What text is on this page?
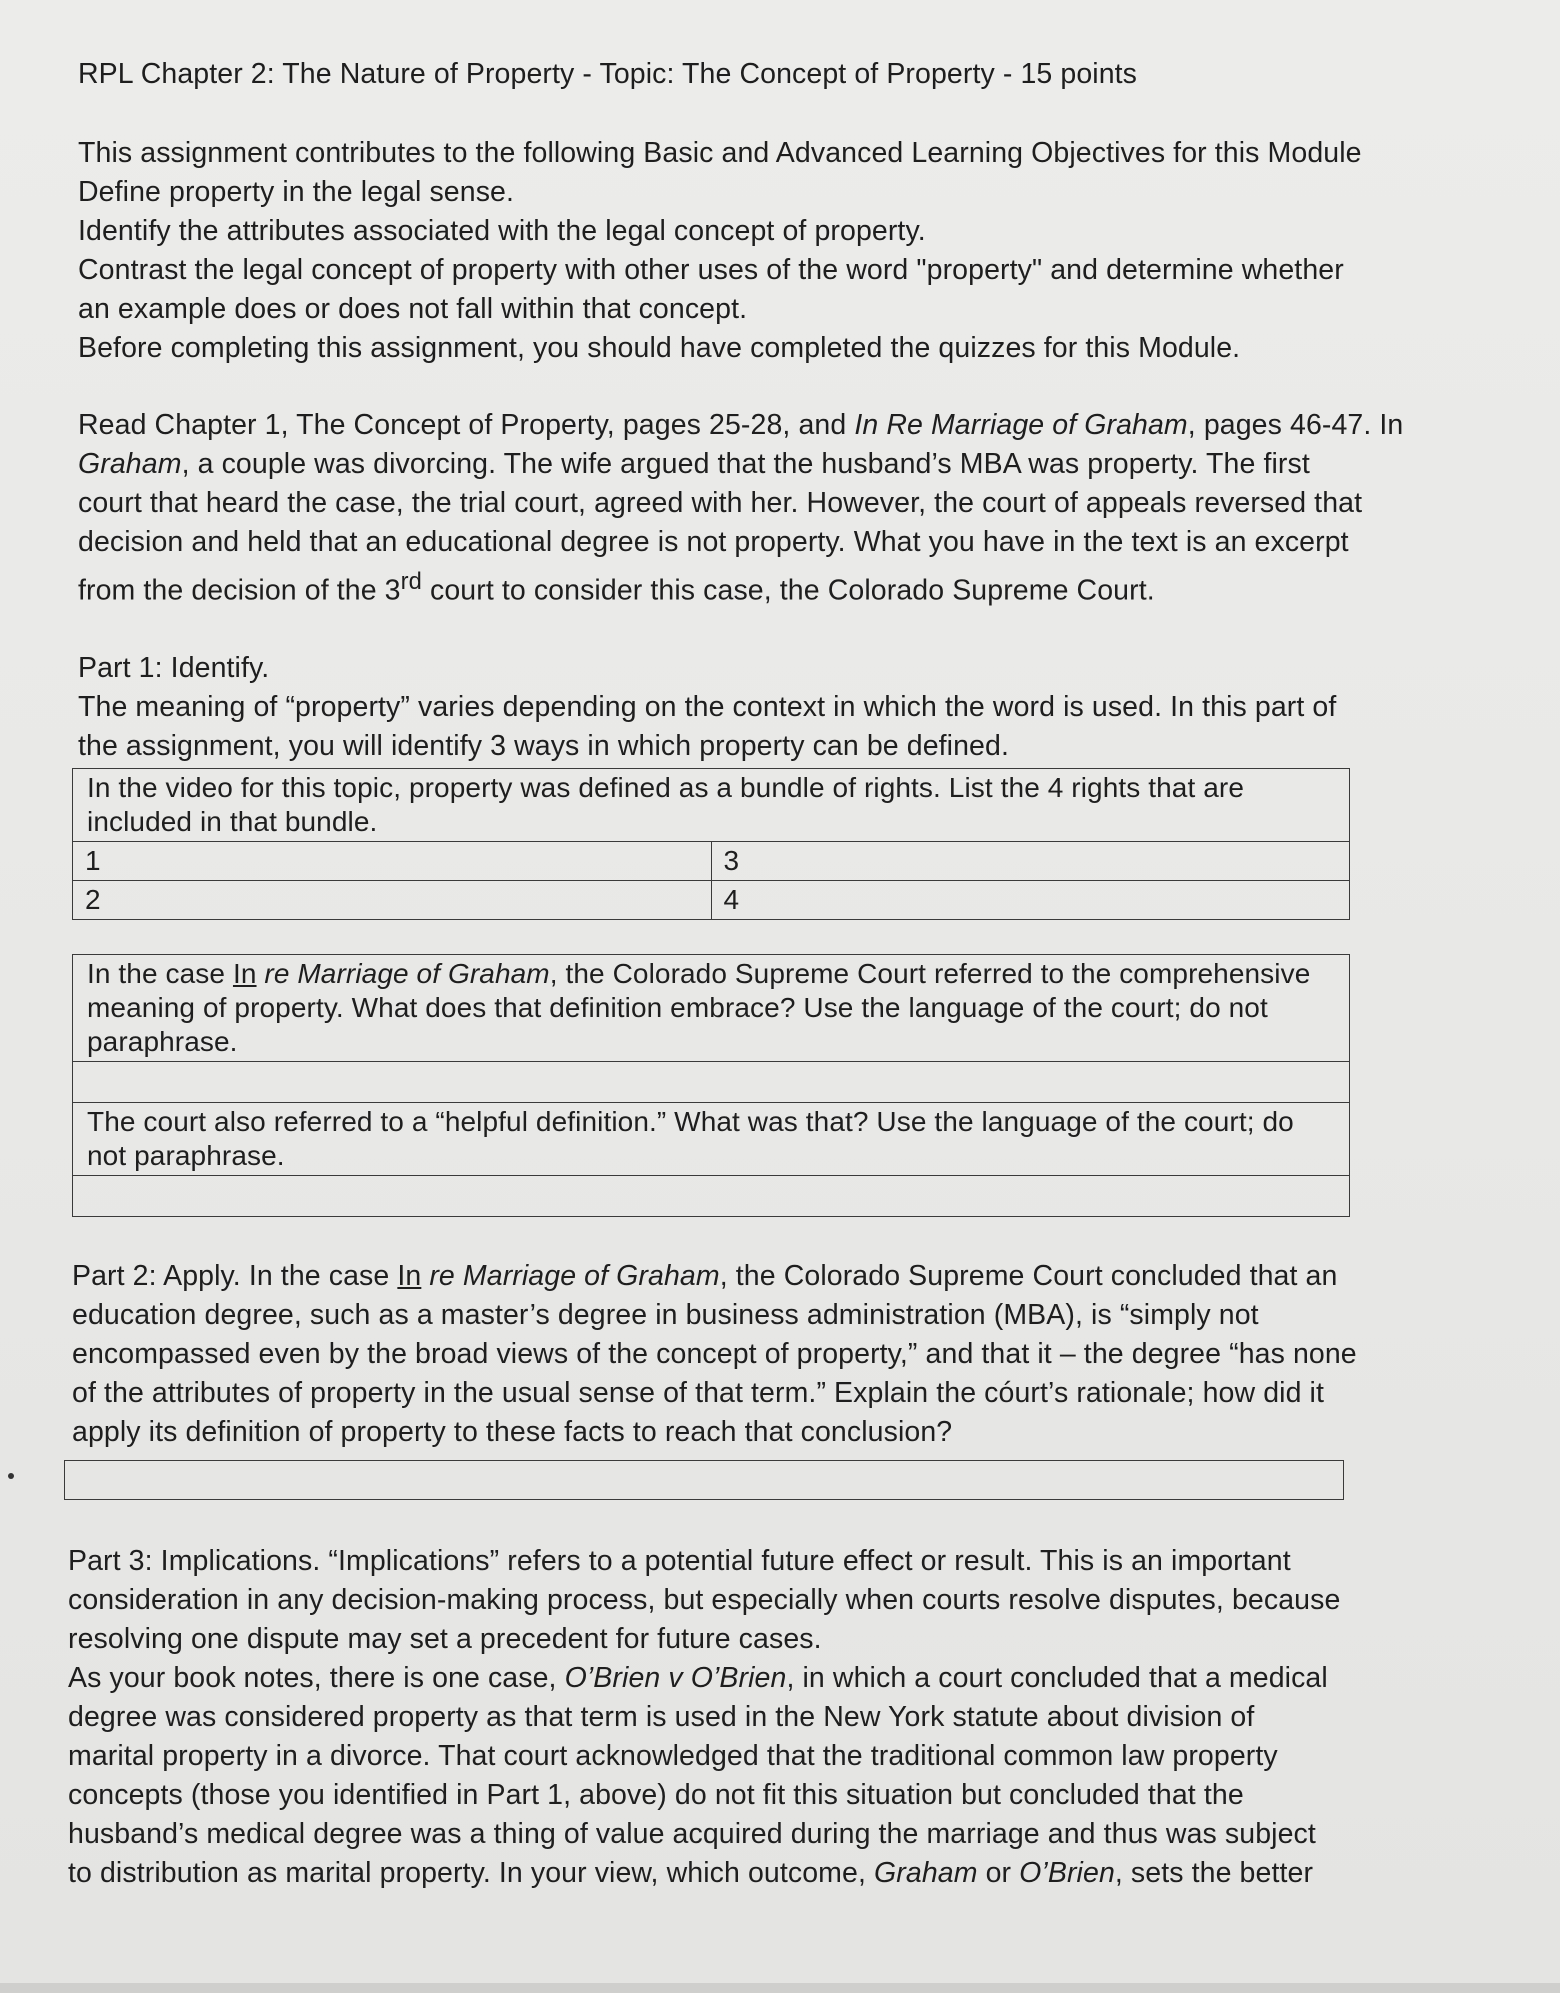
RPL Chapter 2: The Nature of Property - Topic: The Concept of Property - 15 points
This assignment contributes to the following Basic and Advanced Learning Objectives for this Module
Define property in the legal sense.
Identify the attributes associated with the legal concept of property.
Contrast the legal concept of property with other uses of the word "property" and determine whether
an example does or does not fall within that concept.
Before completing this assignment, you should have completed the quizzes for this Module.
Read Chapter 1, The Concept of Property, pages 25-28, and In Re Marriage of Graham, pages 46-47. In
Graham, a couple was divorcing. The wife argued that the husband’s MBA was property. The first
court that heard the case, the trial court, agreed with her. However, the court of appeals reversed that
decision and held that an educational degree is not property. What you have in the text is an excerpt
from the decision of the 3rd court to consider this case, the Colorado Supreme Court.
Part 1: Identify.
The meaning of “property” varies depending on the context in which the word is used. In this part of
the assignment, you will identify 3 ways in which property can be defined.
In the video for this topic, property was defined as a bundle of rights. List the 4 rights that are included in that bundle.	
1	3
2	4
In the case In re Marriage of Graham, the Colorado Supreme Court referred to the comprehensive meaning of property. What does that definition embrace? Use the language of the court; do not paraphrase.

The court also referred to a “helpful definition.” What was that? Use the language of the court; do not paraphrase.

Part 2: Apply. In the case In re Marriage of Graham, the Colorado Supreme Court concluded that an
education degree, such as a master’s degree in business administration (MBA), is “simply not
encompassed even by the broad views of the concept of property,” and that it – the degree “has none
of the attributes of property in the usual sense of that term.” Explain the cóurt’s rationale; how did it
apply its definition of property to these facts to reach that conclusion?
Part 3: Implications. “Implications” refers to a potential future effect or result. This is an important
consideration in any decision-making process, but especially when courts resolve disputes, because
resolving one dispute may set a precedent for future cases.
As your book notes, there is one case, O’Brien v O’Brien, in which a court concluded that a medical
degree was considered property as that term is used in the New York statute about division of
marital property in a divorce. That court acknowledged that the traditional common law property
concepts (those you identified in Part 1, above) do not fit this situation but concluded that the
husband’s medical degree was a thing of value acquired during the marriage and thus was subject
to distribution as marital property. In your view, which outcome, Graham or O’Brien, sets the better
